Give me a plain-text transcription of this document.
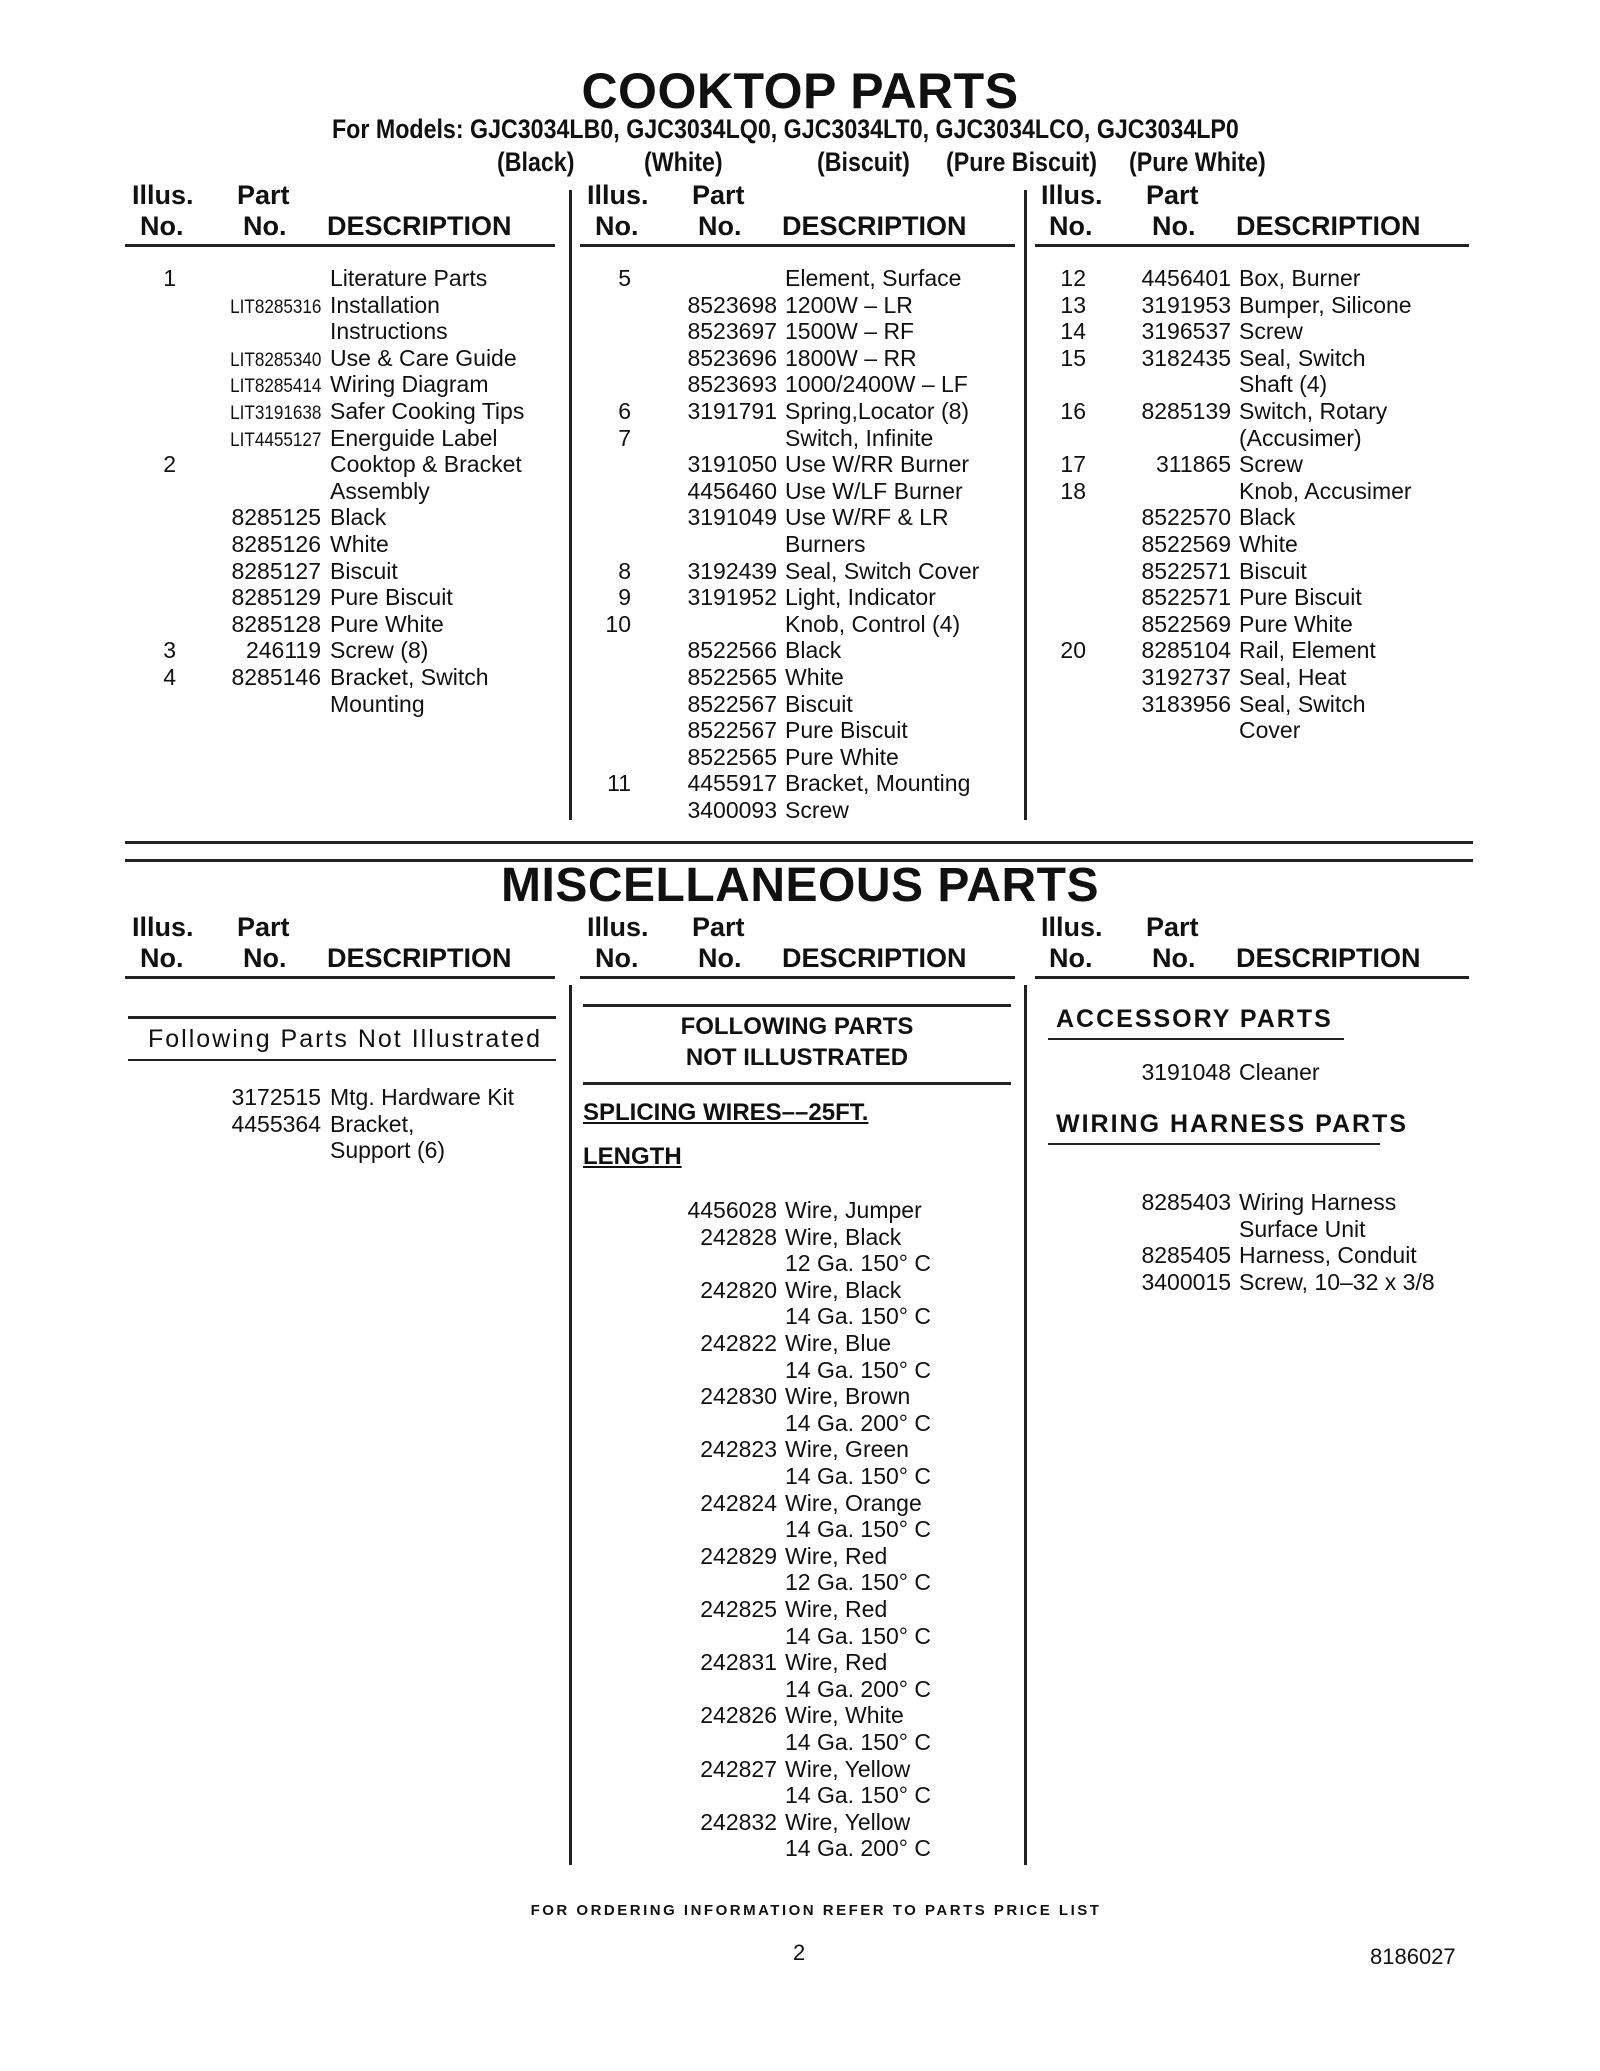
COOKTOP PARTS
For Models: GJC3034LB0, GJC3034LQ0, GJC3034LT0, GJC3034LCO, GJC3034LP0
(Black)	(White)	(Biscuit) (Pure Biscuit) (Pure White)
Illus. Part
No. No. DESCRIPTION
Illus. Part
No. No. DESCRIPTION
Illus. Part
No. No. DESCRIPTION
Illus. Part
No. No. DESCRIPTION
Illus. Part
No. No. DESCRIPTION
Illus. Part
No. No. DESCRIPTION
1	Literature Parts
LIT8285316 Installation
Instructions
LIT8285340 Use & Care Guide
LIT8285414 Wiring Diagram
LIT3191638 Safer Cooking Tips
LIT4455127 Energuide Label
2	Cooktop & Bracket
Assembly
8285125 Black
8285126 White
8285127 Biscuit
8285129 Pure Biscuit
8285128 Pure White
3	246119 Screw (8)
4	8285146 Bracket, Switch
Mounting
5	Element, Surface
8523698 1200W – LR
8523697 1500W – RF
8523696 1800W – RR
8523693 1000/2400W – LF
6	3191791 Spring,Locator (8)
7	Switch, Infinite
3191050 Use W/RR Burner
4456460 Use W/LF Burner
3191049 Use W/RF & LR
Burners
8	3192439 Seal, Switch Cover
9	3191952 Light, Indicator
10	Knob, Control (4)
8522566 Black
8522565 White
8522567 Biscuit
8522567 Pure Biscuit
8522565 Pure White
11	4455917 Bracket, Mounting
3400093 Screw
12	4456401 Box, Burner
13	3191953 Bumper, Silicone
14	3196537 Screw
15	3182435 Seal, Switch
Shaft (4)
16	8285139 Switch, Rotary
(Accusimer)
17	311865 Screw
18	Knob, Accusimer
8522570 Black
8522569 White
8522571 Biscuit
8522571 Pure Biscuit
8522569 Pure White
20	8285104 Rail, Element
3192737 Seal, Heat
3183956 Seal, Switch
Cover
MISCELLANEOUS PARTS
Following Parts Not Illustrated
3172515 Mtg. Hardware Kit
4455364 Bracket,
Support (6)
FOLLOWING PARTS
NOT ILLUSTRATED
SPLICING WIRES––25FT.
LENGTH
4456028 Wire, Jumper
242828 Wire, Black
12 Ga. 150° C
242820 Wire, Black
14 Ga. 150° C
242822 Wire, Blue
14 Ga. 150° C
242830 Wire, Brown
14 Ga. 200° C
242823 Wire, Green
14 Ga. 150° C
242824 Wire, Orange
14 Ga. 150° C
242829 Wire, Red
12 Ga. 150° C
242825 Wire, Red
14 Ga. 150° C
242831 Wire, Red
14 Ga. 200° C
242826 Wire, White
14 Ga. 150° C
242827 Wire, Yellow
14 Ga. 150° C
242832 Wire, Yellow
14 Ga. 200° C
ACCESSORY PARTS
3191048 Cleaner
WIRING HARNESS PARTS
8285403 Wiring Harness
Surface Unit
8285405 Harness, Conduit
3400015 Screw, 10–32 x 3/8
FOR ORDERING INFORMATION REFER TO PARTS PRICE LIST
2	8186027
